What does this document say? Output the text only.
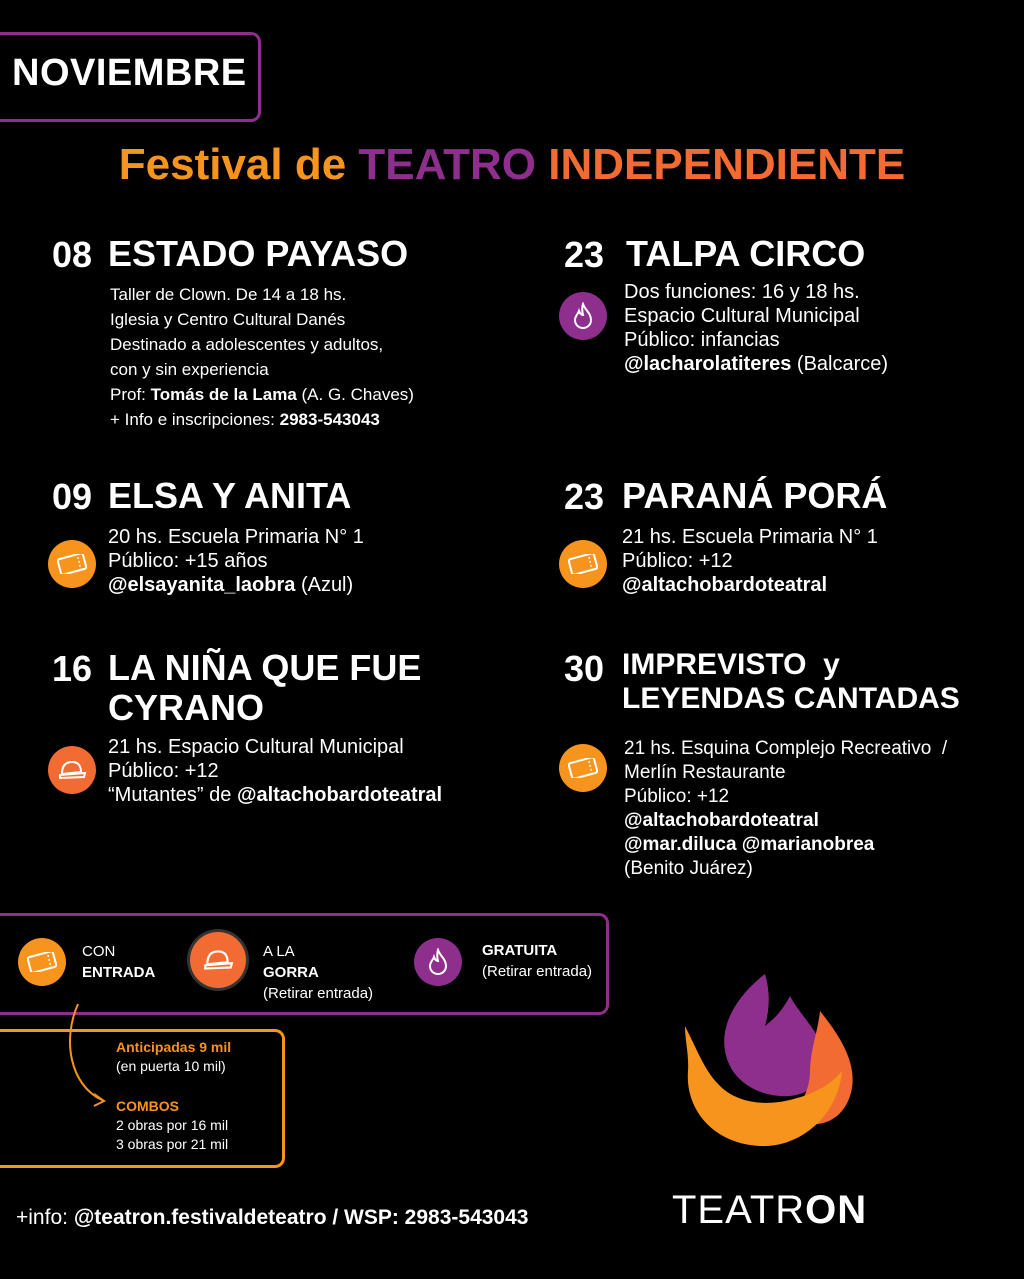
NOVIEMBRE
Festival de TEATRO INDEPENDIENTE
08 ESTADO PAYASO
Taller de Clown. De 14 a 18 hs.
Iglesia y Centro Cultural Danés
Destinado a adolescentes y adultos,
con y sin experiencia
Prof: Tomás de la Lama (A. G. Chaves)
+ Info e inscripciones: 2983-543043
09 ELSA Y ANITA
20 hs. Escuela Primaria N° 1
Público: +15 años
@elsayanita_laobra (Azul)
16 LA NIÑA QUE FUE
CYRANO
21 hs. Espacio Cultural Municipal
Público: +12
“Mutantes” de @altachobardoteatral
23 TALPA CIRCO
Dos funciones: 16 y 18 hs.
Espacio Cultural Municipal
Público: infancias
@lacharolatiteres (Balcarce)
23 PARANÁ PORÁ
21 hs. Escuela Primaria N° 1
Público: +12
@altachobardoteatral
30 IMPREVISTO  y
LEYENDAS CANTADAS
21 hs. Esquina Complejo Recreativo  /
Merlín Restaurante
Público: +12
@altachobardoteatral
@mar.diluca @marianobrea
(Benito Juárez)
CON
ENTRADA
A LA
GORRA
(Retirar entrada)
GRATUITA
(Retirar entrada)
Anticipadas 9 mil
(en puerta 10 mil)
COMBOS
2 obras por 16 mil
3 obras por 21 mil
+info: @teatron.festivaldeteatro / WSP: 2983-543043	TEATRON
